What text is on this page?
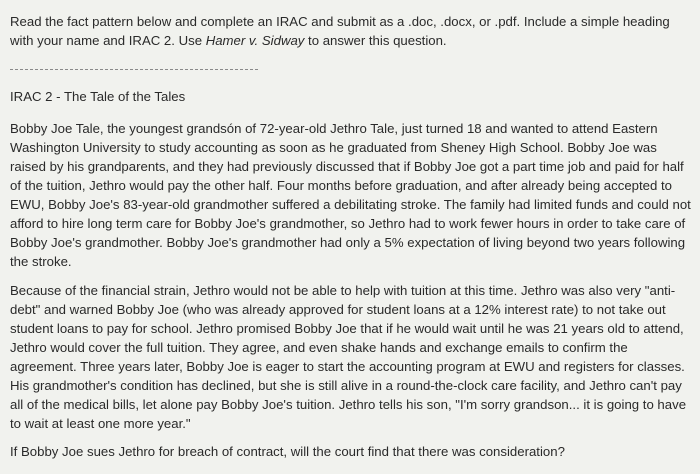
Read the fact pattern below and complete an IRAC and submit as a .doc, .docx, or .pdf. Include a simple heading with your name and IRAC 2. Use Hamer v. Sidway to answer this question.

IRAC 2 - The Tale of the Tales

Bobby Joe Tale, the youngest grandsón of 72-year-old Jethro Tale, just turned 18 and wanted to attend Eastern Washington University to study accounting as soon as he graduated from Sheney High School. Bobby Joe was raised by his grandparents, and they had previously discussed that if Bobby Joe got a part time job and paid for half of the tuition, Jethro would pay the other half. Four months before graduation, and after already being accepted to EWU, Bobby Joe's 83-year-old grandmother suffered a debilitating stroke. The family had limited funds and could not afford to hire long term care for Bobby Joe's grandmother, so Jethro had to work fewer hours in order to take care of Bobby Joe's grandmother. Bobby Joe's grandmother had only a 5% expectation of living beyond two years following the stroke.

Because of the financial strain, Jethro would not be able to help with tuition at this time. Jethro was also very "anti-debt" and warned Bobby Joe (who was already approved for student loans at a 12% interest rate) to not take out student loans to pay for school. Jethro promised Bobby Joe that if he would wait until he was 21 years old to attend, Jethro would cover the full tuition. They agree, and even shake hands and exchange emails to confirm the agreement. Three years later, Bobby Joe is eager to start the accounting program at EWU and registers for classes. His grandmother's condition has declined, but she is still alive in a round-the-clock care facility, and Jethro can't pay all of the medical bills, let alone pay Bobby Joe's tuition. Jethro tells his son, "I'm sorry grandson... it is going to have to wait at least one more year."

If Bobby Joe sues Jethro for breach of contract, will the court find that there was consideration?
